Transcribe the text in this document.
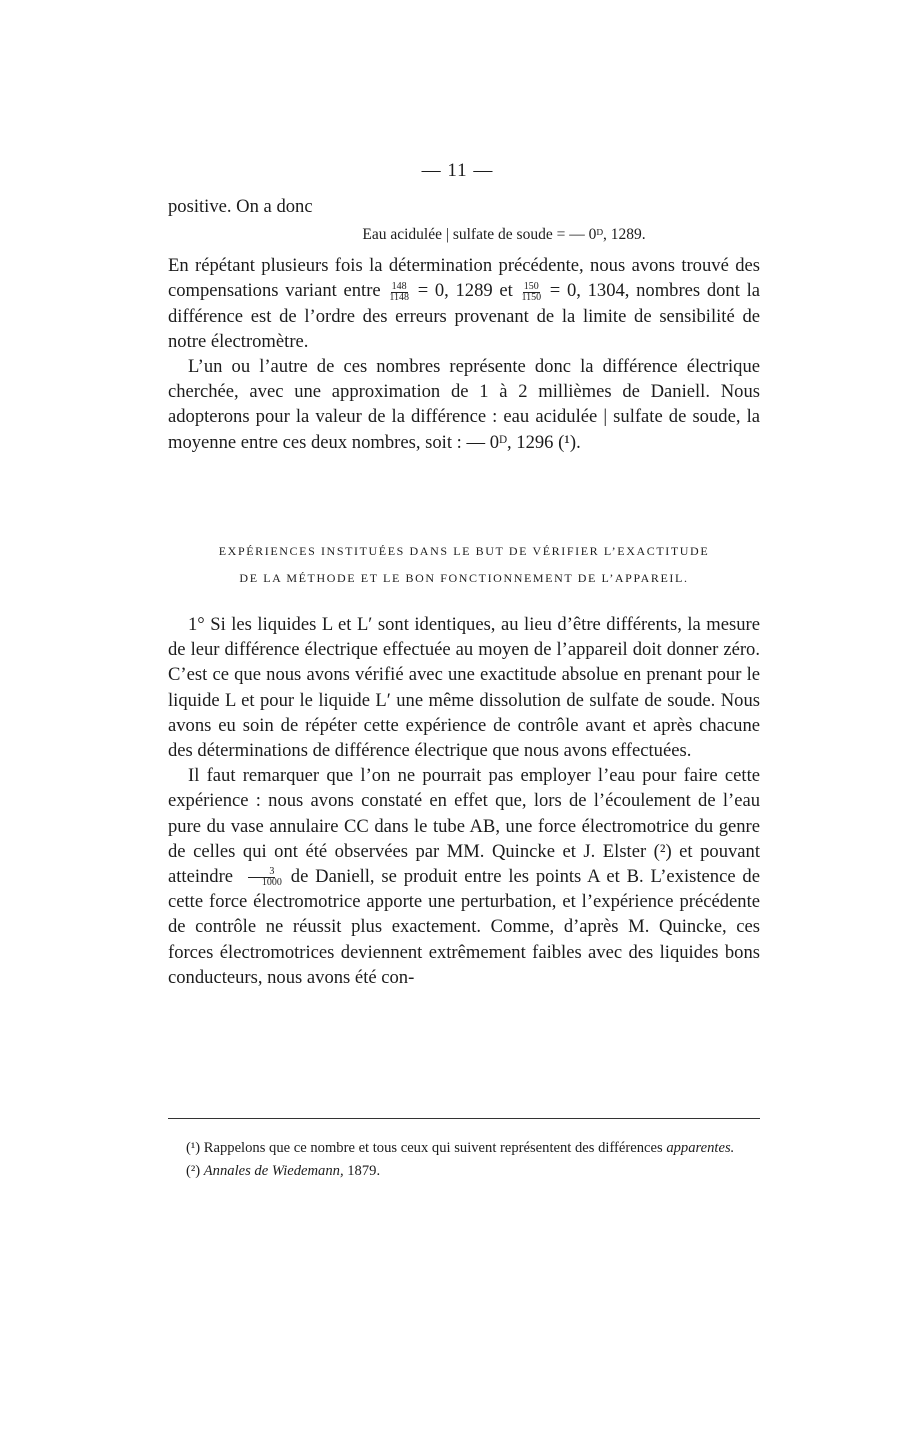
— 11 —

positive. On a donc

Eau acidulée | sulfate de soude = — 0ᴰ, 1289.

En répétant plusieurs fois la détermination précédente, nous avons trouvé des compensations variant entre $\frac{148}{1148} = 0$, 1289 et $\frac{150}{1150} = 0$, 1304, nombres dont la différence est de l’ordre des erreurs provenant de la limite de sensibilité de notre électromètre.

L’un ou l’autre de ces nombres représente donc la différence électrique cherchée, avec une approximation de 1 à 2 millièmes de Daniell. Nous adopterons pour la valeur de la différence : eau acidulée | sulfate de soude, la moyenne entre ces deux nombres, soit : — 0ᴰ, 1296 (¹).

EXPÉRIENCES INSTITUÉES DANS LE BUT DE VÉRIFIER L’EXACTITUDE

DE LA MÉTHODE ET LE BON FONCTIONNEMENT DE L’APPAREIL.

1° Si les liquides L et L′ sont identiques, au lieu d’être différents, la mesure de leur différence électrique effectuée au moyen de l’appareil doit donner zéro. C’est ce que nous avons vérifié avec une exactitude absolue en prenant pour le liquide L et pour le liquide L′ une même dissolution de sulfate de soude. Nous avons eu soin de répéter cette expérience de contrôle avant et après chacune des déterminations de différence électrique que nous avons effectuées.

Il faut remarquer que l’on ne pourrait pas employer l’eau pour faire cette expérience : nous avons constaté en effet que, lors de l’écoulement de l’eau pure du vase annulaire CC dans le tube AB, une force électromotrice du genre de celles qui ont été observées par MM. Quincke et J. Elster (²) et pouvant atteindre $\frac{3}{1000}$ de Daniell, se produit entre les points A et B. L’existence de cette force électromotrice apporte une perturbation, et l’expérience précédente de contrôle ne réussit plus exactement. Comme, d’après M. Quincke, ces forces électromotrices deviennent extrêmement faibles avec des liquides bons conducteurs, nous avons été con-

(¹) Rappelons que ce nombre et tous ceux qui suivent représentent des différences apparentes.

(²) Annales de Wiedemann, 1879.
